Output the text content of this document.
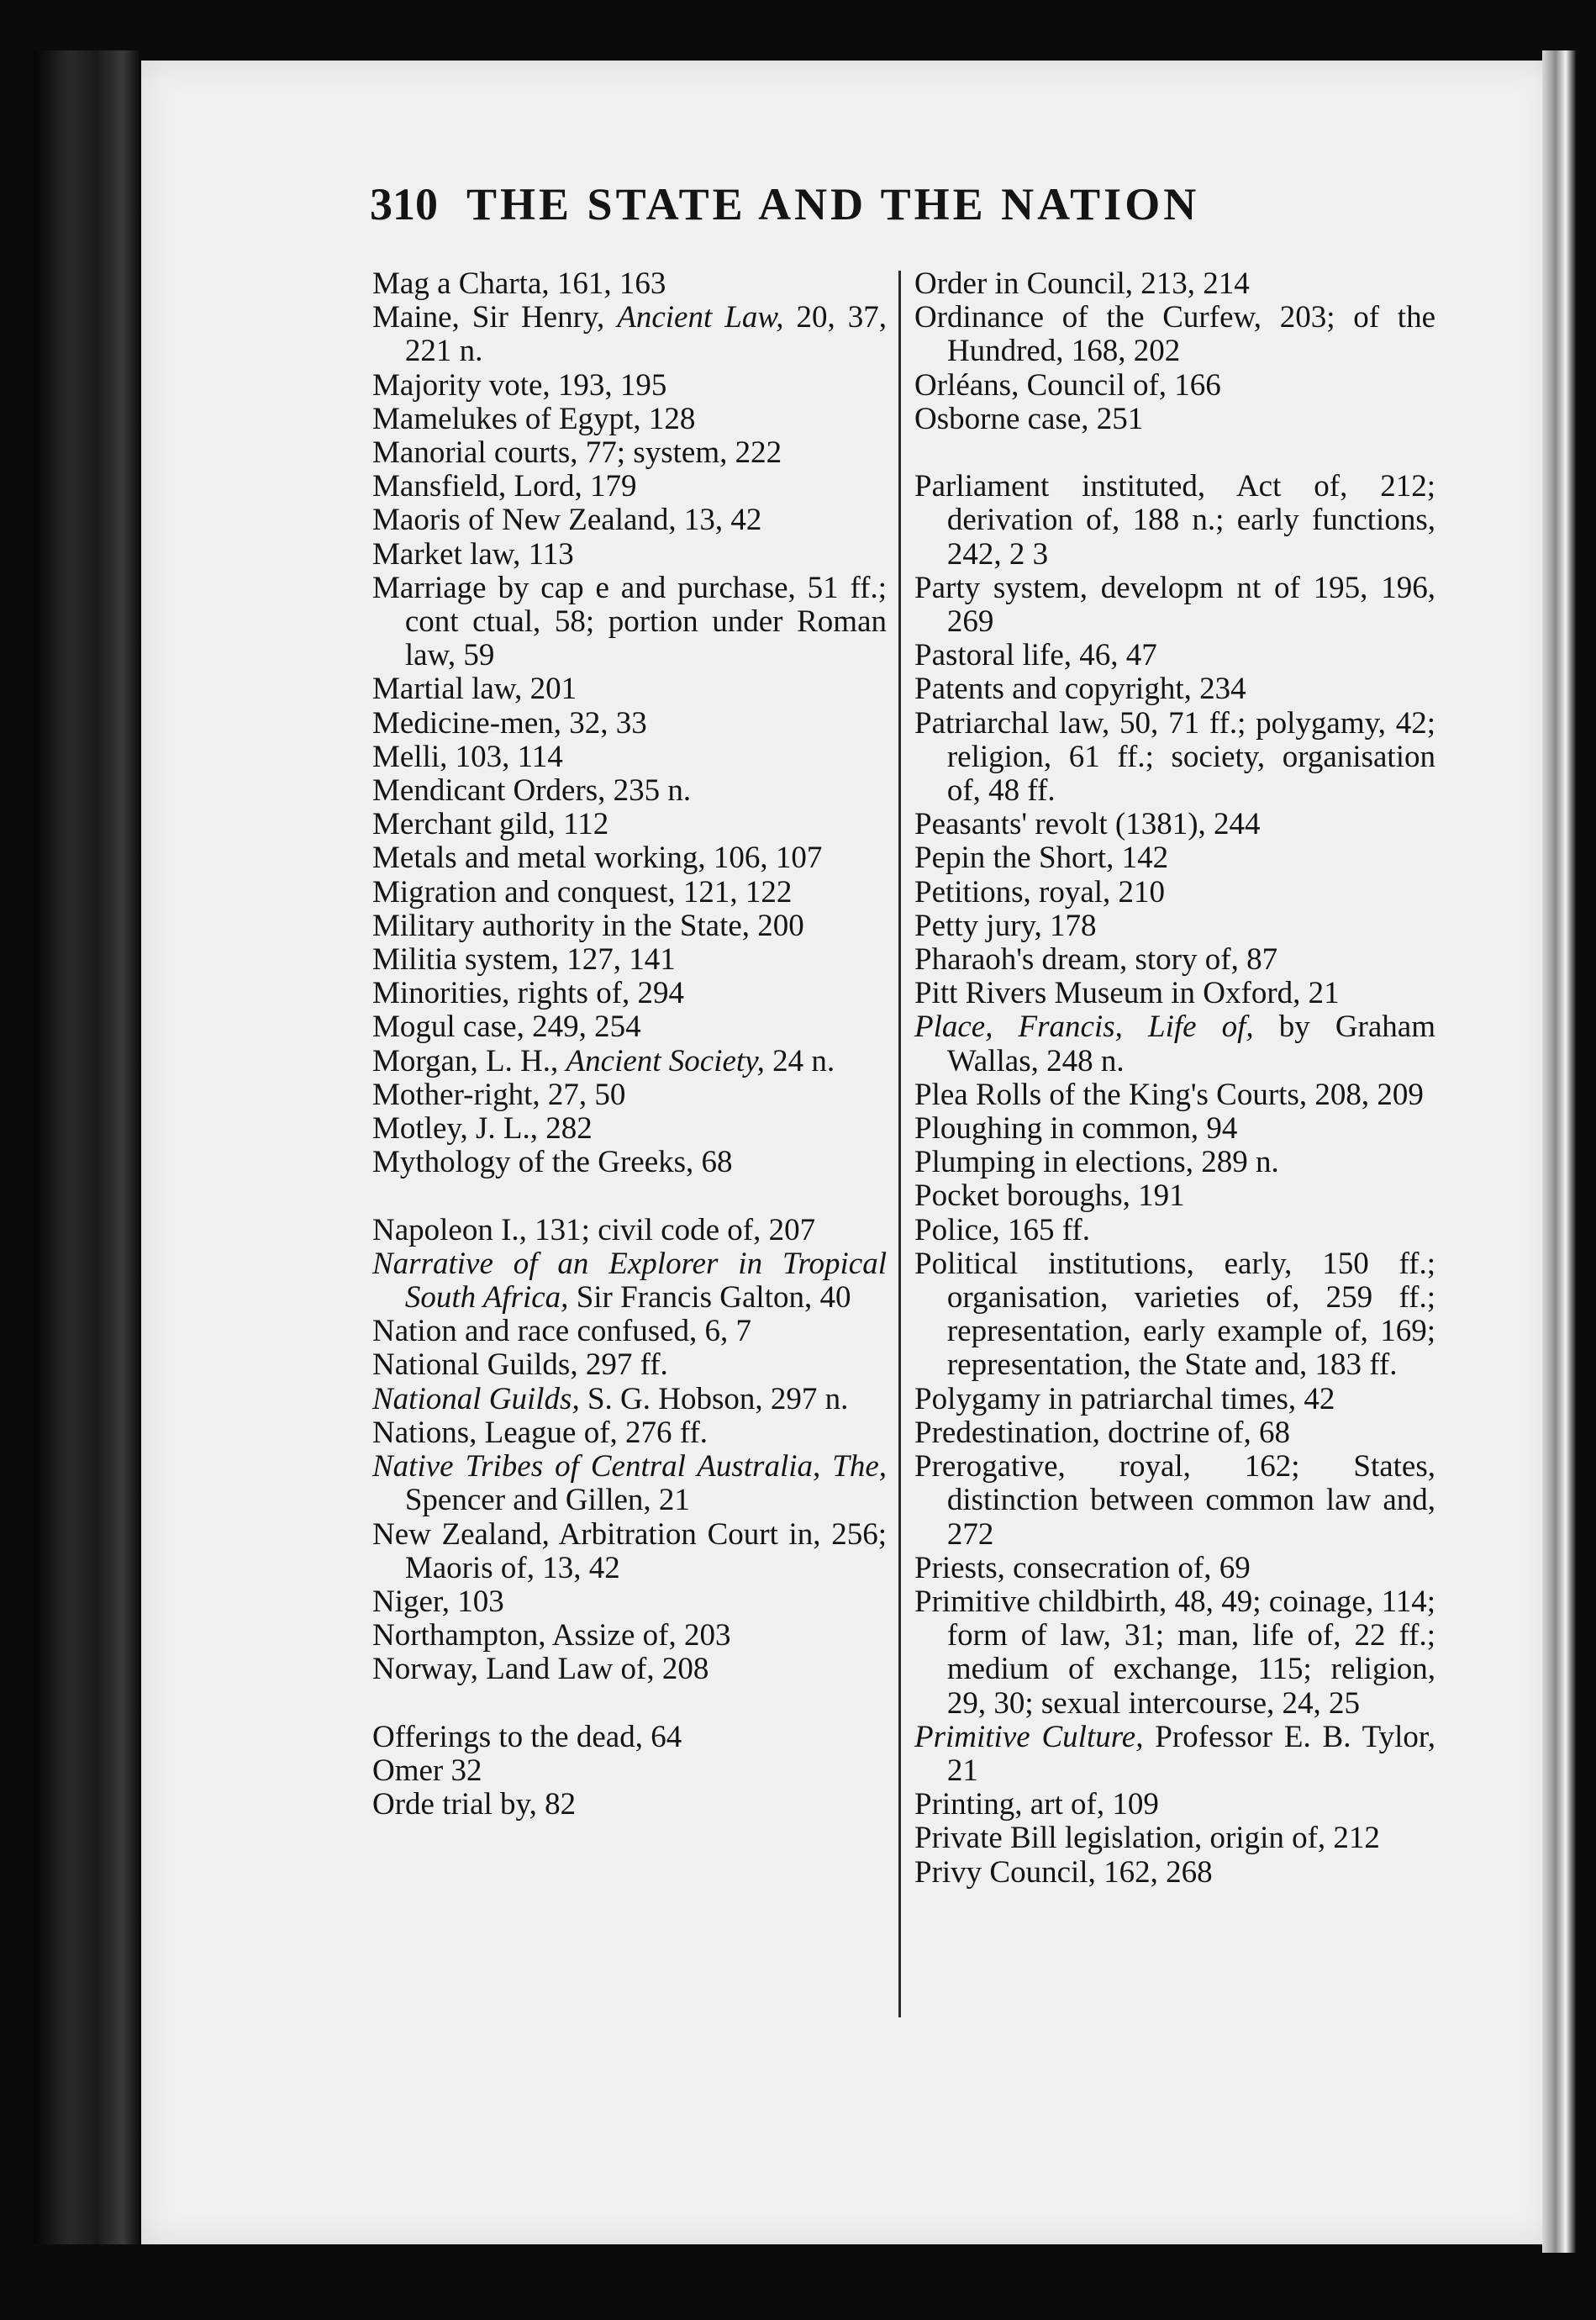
310 THE STATE AND THE NATION
Mag a Charta, 161, 163
Maine, Sir Henry, Ancient Law, 20, 37, 221 n.
Majority vote, 193, 195
Mamelukes of Egypt, 128
Manorial courts, 77; system, 222
Mansfield, Lord, 179
Maoris of New Zealand, 13, 42
Market law, 113
Marriage by cap e and purchase, 51 ff.; cont ctual, 58; portion under Roman law, 59
Martial law, 201
Medicine-men, 32, 33
Melli, 103, 114
Mendicant Orders, 235 n.
Merchant gild, 112
Metals and metal working, 106, 107
Migration and conquest, 121, 122
Military authority in the State, 200
Militia system, 127, 141
Minorities, rights of, 294
Mogul case, 249, 254
Morgan, L. H., Ancient Society, 24 n.
Mother-right, 27, 50
Motley, J. L., 282
Mythology of the Greeks, 68
Napoleon I., 131; civil code of, 207
Narrative of an Explorer in Tropical South Africa, Sir Francis Galton, 40
Nation and race confused, 6, 7
National Guilds, 297 ff.
National Guilds, S. G. Hobson, 297 n.
Nations, League of, 276 ff.
Native Tribes of Central Australia, The, Spencer and Gillen, 21
New Zealand, Arbitration Court in, 256; Maoris of, 13, 42
Niger, 103
Northampton, Assize of, 203
Norway, Land Law of, 208
Offerings to the dead, 64
Omer 32
Orde trial by, 82
Order in Council, 213, 214
Ordinance of the Curfew, 203; of the Hundred, 168, 202
Orléans, Council of, 166
Osborne case, 251
Parliament instituted, Act of, 212; derivation of, 188 n.; early functions, 242, 2 3
Party system, developm nt of 195, 196, 269
Pastoral life, 46, 47
Patents and copyright, 234
Patriarchal law, 50, 71 ff.; polygamy, 42; religion, 61 ff.; society, organisation of, 48 ff.
Peasants' revolt (1381), 244
Pepin the Short, 142
Petitions, royal, 210
Petty jury, 178
Pharaoh's dream, story of, 87
Pitt Rivers Museum in Oxford, 21
Place, Francis, Life of, by Graham Wallas, 248 n.
Plea Rolls of the King's Courts, 208, 209
Ploughing in common, 94
Plumping in elections, 289 n.
Pocket boroughs, 191
Police, 165 ff.
Political institutions, early, 150 ff.; organisation, varieties of, 259 ff.; representation, early example of, 169; representation, the State and, 183 ff.
Polygamy in patriarchal times, 42
Predestination, doctrine of, 68
Prerogative, royal, 162; States, distinction between common law and, 272
Priests, consecration of, 69
Primitive childbirth, 48, 49; coinage, 114; form of law, 31; man, life of, 22 ff.; medium of exchange, 115; religion, 29, 30; sexual intercourse, 24, 25
Primitive Culture, Professor E. B. Tylor, 21
Printing, art of, 109
Private Bill legislation, origin of, 212
Privy Council, 162, 268
